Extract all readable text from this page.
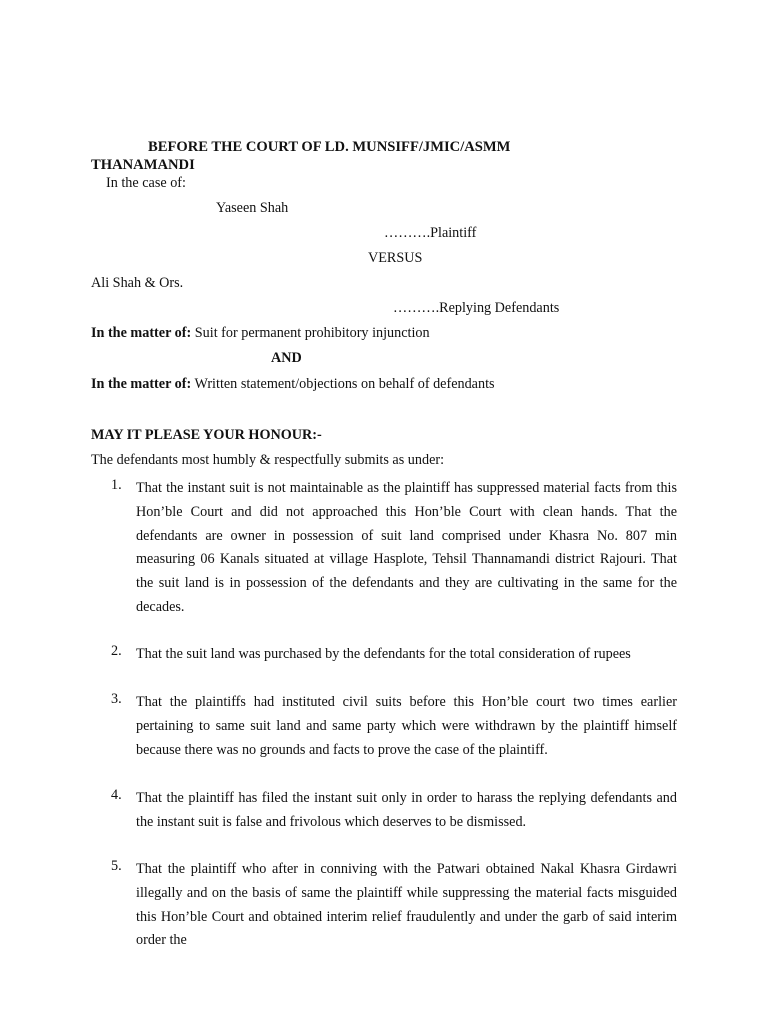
BEFORE THE COURT OF LD. MUNSIFF/JMIC/ASMM
THANAMANDI
In the case of:
Yaseen Shah
……….Plaintiff
VERSUS
Ali Shah & Ors.
……….Replying Defendants
In the matter of: Suit for permanent prohibitory injunction
AND
In the matter of: Written statement/objections on behalf of defendants
MAY IT PLEASE YOUR HONOUR:-
The defendants most humbly & respectfully submits as under:
1. That the instant suit is not maintainable as the plaintiff has suppressed material facts from this Hon’ble Court and did not approached this Hon’ble Court with clean hands. That the defendants are owner in possession of suit land comprised under Khasra No. 807 min measuring 06 Kanals situated at village Hasplote, Tehsil Thannamandi district Rajouri. That the suit land is in possession of the defendants and they are cultivating in the same for the decades.
2. That the suit land was purchased by the defendants for the total consideration of rupees
3. That the plaintiffs had instituted civil suits before this Hon’ble court two times earlier pertaining to same suit land and same party which were withdrawn by the plaintiff himself because there was no grounds and facts to prove the case of the plaintiff.
4. That the plaintiff has filed the instant suit only in order to harass the replying defendants and the instant suit is false and frivolous which deserves to be dismissed.
5. That the plaintiff who after in conniving with the Patwari obtained Nakal Khasra Girdawri illegally and on the basis of same the plaintiff while suppressing the material facts misguided this Hon’ble Court and obtained interim relief fraudulently and under the garb of said interim order the
